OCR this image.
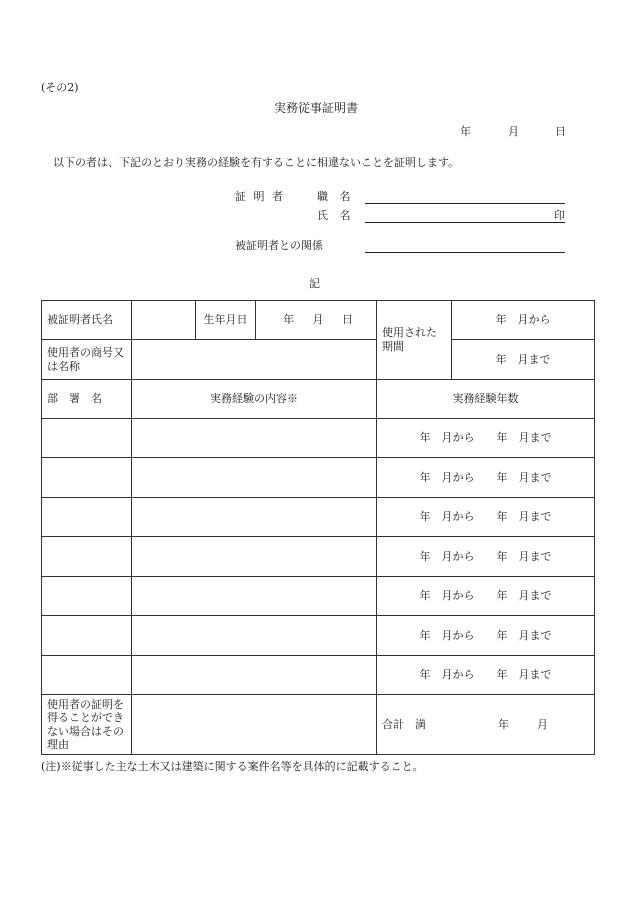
(その2)
実務従事証明書
年	月	日
以下の者は、下記のとおり実務の経験を有することに相違ないことを証明します。
証 明 者	職 名
氏 名	印
被証明者との関係
記
被証明者氏名		生年月日	年 月 日	使用された期間	年　月から
使用者の商号又は名称					年　月まで
部　署　名	実務経験の内容※			実務経験年数	
				年　月から　　年　月まで	
				年　月から　　年　月まで	
				年　月から　　年　月まで	
				年　月から　　年　月まで	
				年　月から　　年　月まで	
				年　月から　　年　月まで	
				年　月から　　年　月まで	
使用者の証明を得ることができない場合はその理由				合計　満 年 月	
(注)※従事した主な土木又は建築に関する案件名等を具体的に記載すること。
